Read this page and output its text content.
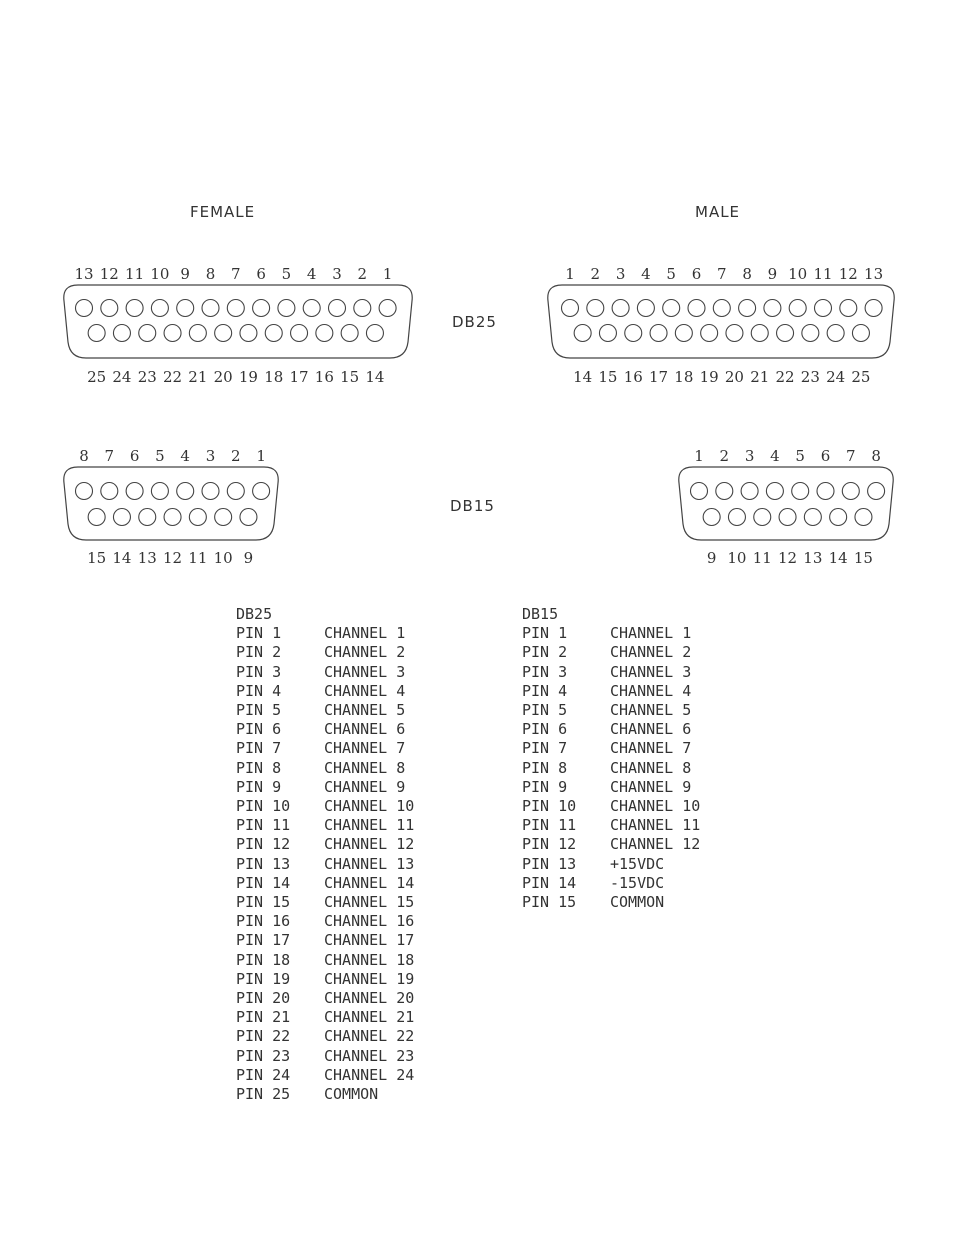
FEMALE	MALE
DB25
DB15
13 12 11 10 9 8 7 6 5 4 3 2 1
25 24 23 22 21 20 19 18 17 16 15 14
1 2 3 4 5 6 7 8 9 10 11 12 13
14 15 16 17 18 19 20 21 22 23 24 25
8 7 6 5 4 3 2 1
15 14 13 12 11 10 9
1 2 3 4 5 6 7 8
9 10 11 12 13 14 15
DB25
PIN 1	CHANNEL 1
PIN 2	CHANNEL 2
PIN 3	CHANNEL 3
PIN 4	CHANNEL 4
PIN 5	CHANNEL 5
PIN 6	CHANNEL 6
PIN 7	CHANNEL 7
PIN 8	CHANNEL 8
PIN 9	CHANNEL 9
PIN 10	CHANNEL 10
PIN 11	CHANNEL 11
PIN 12	CHANNEL 12
PIN 13	CHANNEL 13
PIN 14	CHANNEL 14
PIN 15	CHANNEL 15
PIN 16	CHANNEL 16
PIN 17	CHANNEL 17
PIN 18	CHANNEL 18
PIN 19	CHANNEL 19
PIN 20	CHANNEL 20
PIN 21	CHANNEL 21
PIN 22	CHANNEL 22
PIN 23	CHANNEL 23
PIN 24	CHANNEL 24
PIN 25	COMMON
DB15
PIN 1	CHANNEL 1
PIN 2	CHANNEL 2
PIN 3	CHANNEL 3
PIN 4	CHANNEL 4
PIN 5	CHANNEL 5
PIN 6	CHANNEL 6
PIN 7	CHANNEL 7
PIN 8	CHANNEL 8
PIN 9	CHANNEL 9
PIN 10	CHANNEL 10
PIN 11	CHANNEL 11
PIN 12	CHANNEL 12
PIN 13	+15VDC
PIN 14	-15VDC
PIN 15	COMMON
